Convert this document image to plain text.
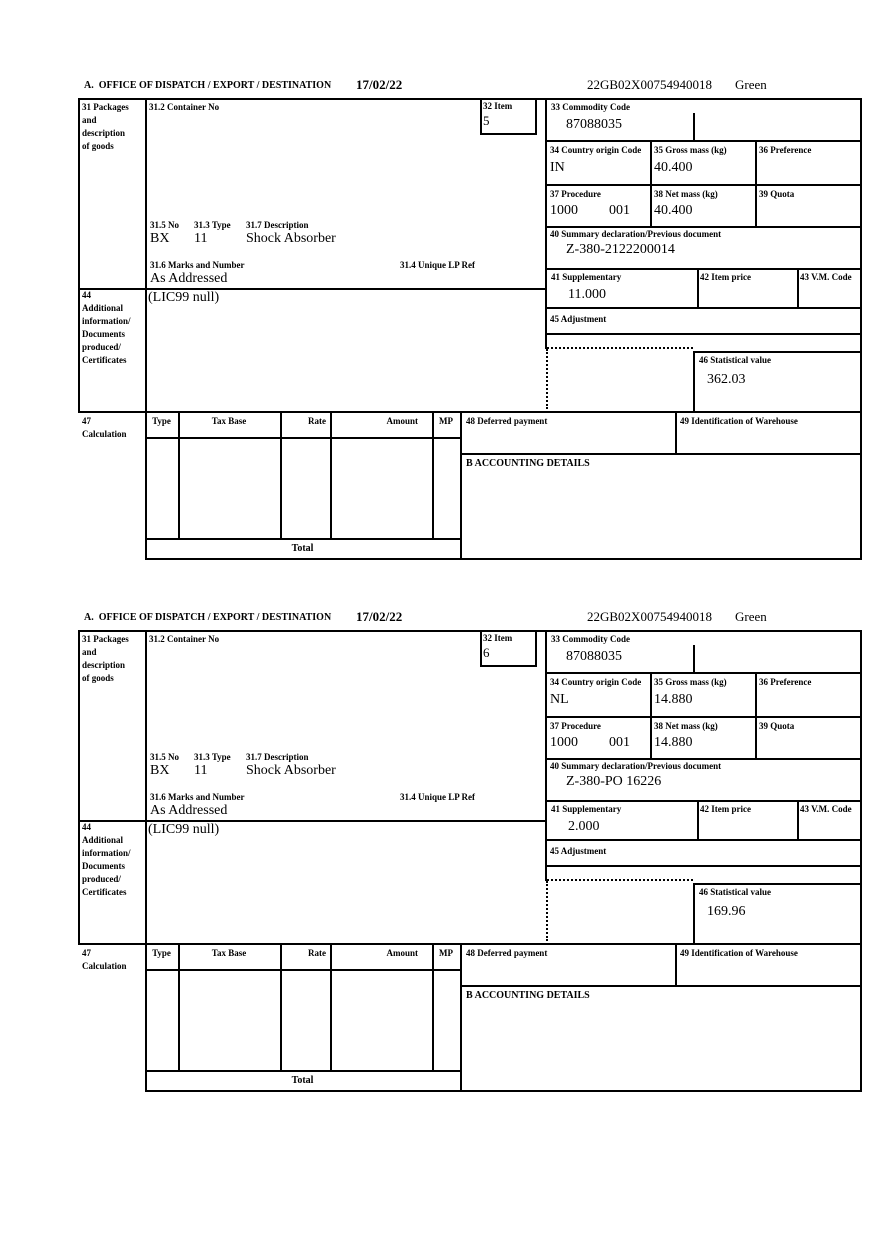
A.  OFFICE OF DISPATCH / EXPORT / DESTINATION 17/02/22	22GB02X00754940018 Green
31 Packages
and
description
of goods
31.2 Container No	32 Item
5
33 Commodity Code
87088035
34 Country origin Code
IN
35 Gross mass (kg)
40.400
36 Preference
37 Procedure
1000 001
38 Net mass (kg)
40.400
39 Quota
31.5 No 31.3 Type 31.7 Description
BX 11	Shock Absorber
31.6 Marks and Number	31.4 Unique LP Ref
As Addressed
40 Summary declaration/Previous document
Z-380-2122200014
41 Supplementary
11.000
42 Item price	43 V.M. Code
44
Additional
information/
Documents
produced/
Certificates
(LIC99 null)
45 Adjustment
46 Statistical value
362.03
47
Calculation
Type	Tax Base	Rate	Amount	MP	48 Deferred payment	49 Identification of Warehouse
B ACCOUNTING DETAILS
Total
A.  OFFICE OF DISPATCH / EXPORT / DESTINATION 17/02/22	22GB02X00754940018 Green
31 Packages
and
description
of goods
31.2 Container No	32 Item
6
33 Commodity Code
87088035
34 Country origin Code
NL
35 Gross mass (kg)
14.880
36 Preference
37 Procedure
1000 001
38 Net mass (kg)
14.880
39 Quota
31.5 No 31.3 Type 31.7 Description
BX 11	Shock Absorber
31.6 Marks and Number	31.4 Unique LP Ref
As Addressed
40 Summary declaration/Previous document
Z-380-PO 16226
41 Supplementary
2.000
42 Item price	43 V.M. Code
44
Additional
information/
Documents
produced/
Certificates
(LIC99 null)
45 Adjustment
46 Statistical value
169.96
47
Calculation
Type	Tax Base	Rate	Amount	MP	48 Deferred payment	49 Identification of Warehouse
B ACCOUNTING DETAILS
Total
